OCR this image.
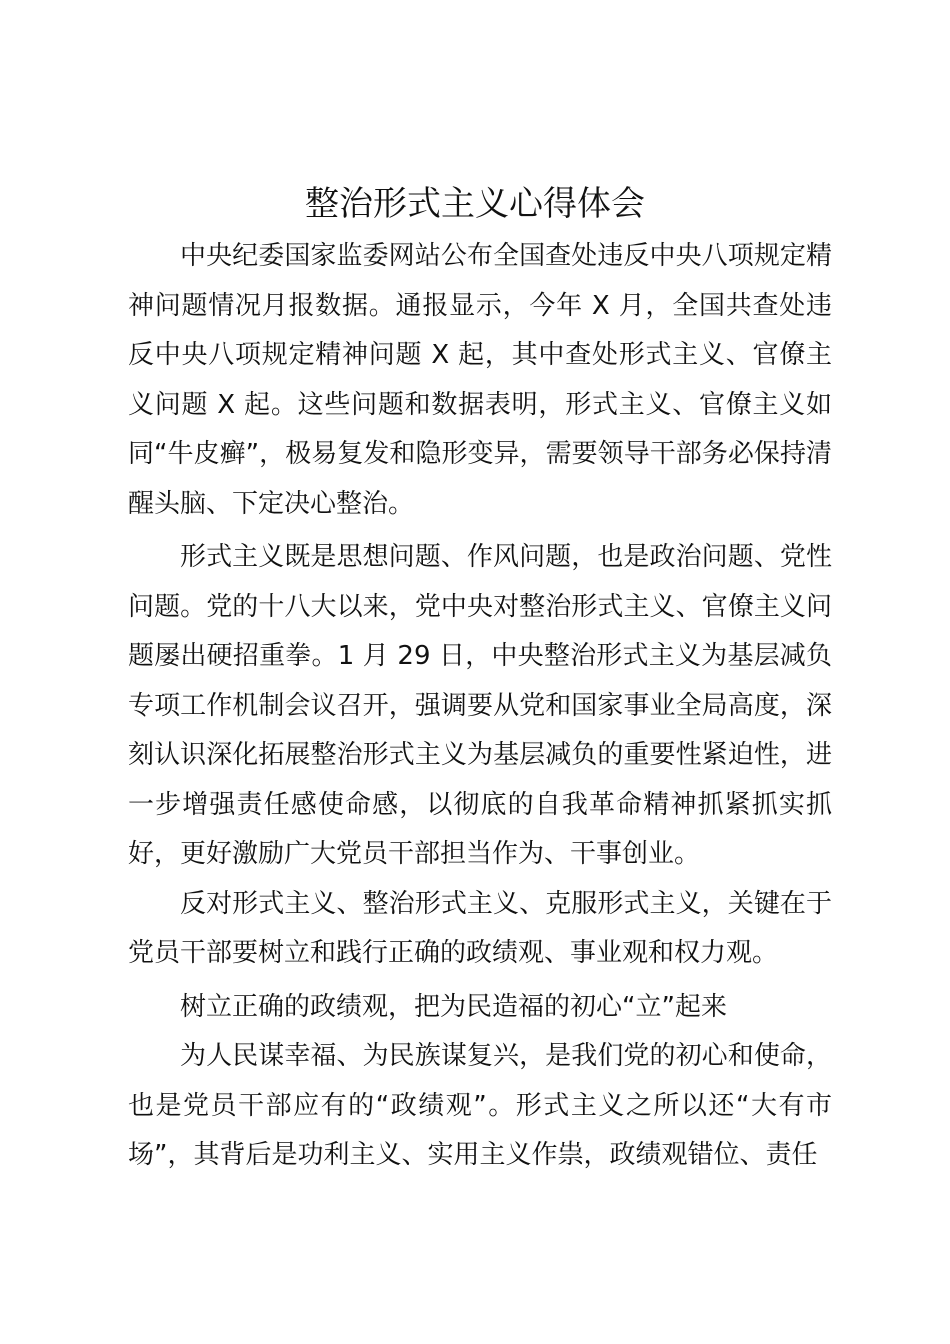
整治形式主义心得体会

中央纪委国家监委网站公布全国查处违反中央八项规定精神问题情况月报数据。通报显示，今年 X 月，全国共查处违反中央八项规定精神问题 X 起，其中查处形式主义、官僚主义问题 X 起。这些问题和数据表明，形式主义、官僚主义如同“牛皮癣”，极易复发和隐形变异，需要领导干部务必保持清醒头脑、下定决心整治。

形式主义既是思想问题、作风问题，也是政治问题、党性问题。党的十八大以来，党中央对整治形式主义、官僚主义问题屡出硬招重拳。1 月 29 日，中央整治形式主义为基层减负专项工作机制会议召开，强调要从党和国家事业全局高度，深刻认识深化拓展整治形式主义为基层减负的重要性紧迫性，进一步增强责任感使命感，以彻底的自我革命精神抓紧抓实抓好，更好激励广大党员干部担当作为、干事创业。

反对形式主义、整治形式主义、克服形式主义，关键在于党员干部要树立和践行正确的政绩观、事业观和权力观。

树立正确的政绩观，把为民造福的初心“立”起来

为人民谋幸福、为民族谋复兴，是我们党的初心和使命，也是党员干部应有的“政绩观”。形式主义之所以还“大有市场”，其背后是功利主义、实用主义作祟，政绩观错位、责任
